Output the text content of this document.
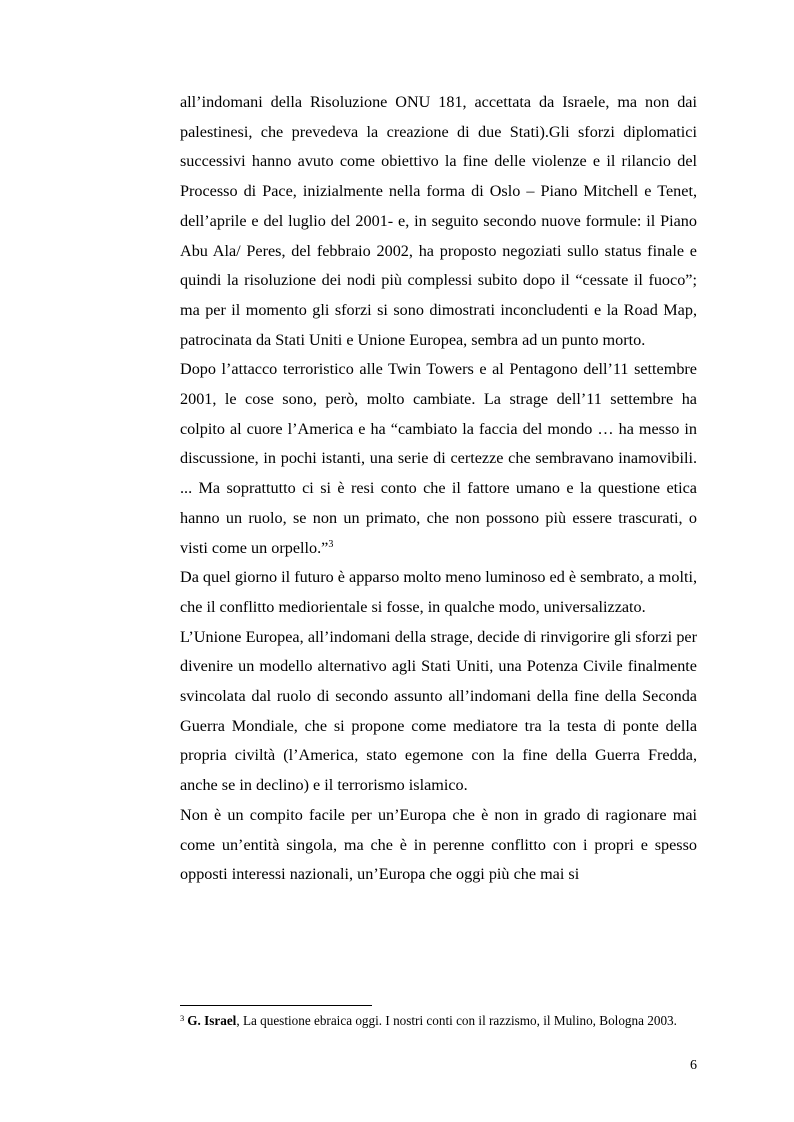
all’indomani della Risoluzione ONU 181, accettata da Israele, ma non dai palestinesi, che prevedeva la creazione di due Stati).Gli sforzi diplomatici successivi hanno avuto come obiettivo la fine delle violenze e il rilancio del Processo di Pace, inizialmente nella forma di Oslo – Piano Mitchell e Tenet, dell’aprile e del luglio del 2001- e, in seguito secondo nuove formule: il Piano Abu Ala/ Peres, del febbraio 2002, ha proposto negoziati sullo status finale e quindi la risoluzione dei nodi più complessi subito dopo il “cessate il fuoco”; ma per il momento gli sforzi si sono dimostrati inconcludenti e la Road Map, patrocinata da Stati Uniti e Unione Europea, sembra ad un punto morto.

Dopo l’attacco terroristico alle Twin Towers e al Pentagono dell’11 settembre 2001, le cose sono, però, molto cambiate. La strage dell’11 settembre ha colpito al cuore l’America e ha “cambiato la faccia del mondo … ha messo in discussione, in pochi istanti, una serie di certezze che sembravano inamovibili. ... Ma soprattutto ci si è resi conto che il fattore umano e la questione etica hanno un ruolo, se non un primato, che non possono più essere trascurati, o visti come un orpello.”$^3$

Da quel giorno il futuro è apparso molto meno luminoso ed è sembrato, a molti, che il conflitto mediorientale si fosse, in qualche modo, universalizzato.

L’Unione Europea, all’indomani della strage, decide di rinvigorire gli sforzi per divenire un modello alternativo agli Stati Uniti, una Potenza Civile finalmente svincolata dal ruolo di secondo assunto all’indomani della fine della Seconda Guerra Mondiale, che si propone come mediatore tra la testa di ponte della propria civiltà (l’America, stato egemone con la fine della Guerra Fredda, anche se in declino) e il terrorismo islamico.

Non è un compito facile per un’Europa che è non in grado di ragionare mai come un’entità singola, ma che è in perenne conflitto con i propri e spesso opposti interessi nazionali, un’Europa che oggi più che mai si

$^3$ G. Israel, La questione ebraica oggi. I nostri conti con il razzismo, il Mulino, Bologna 2003.

6
